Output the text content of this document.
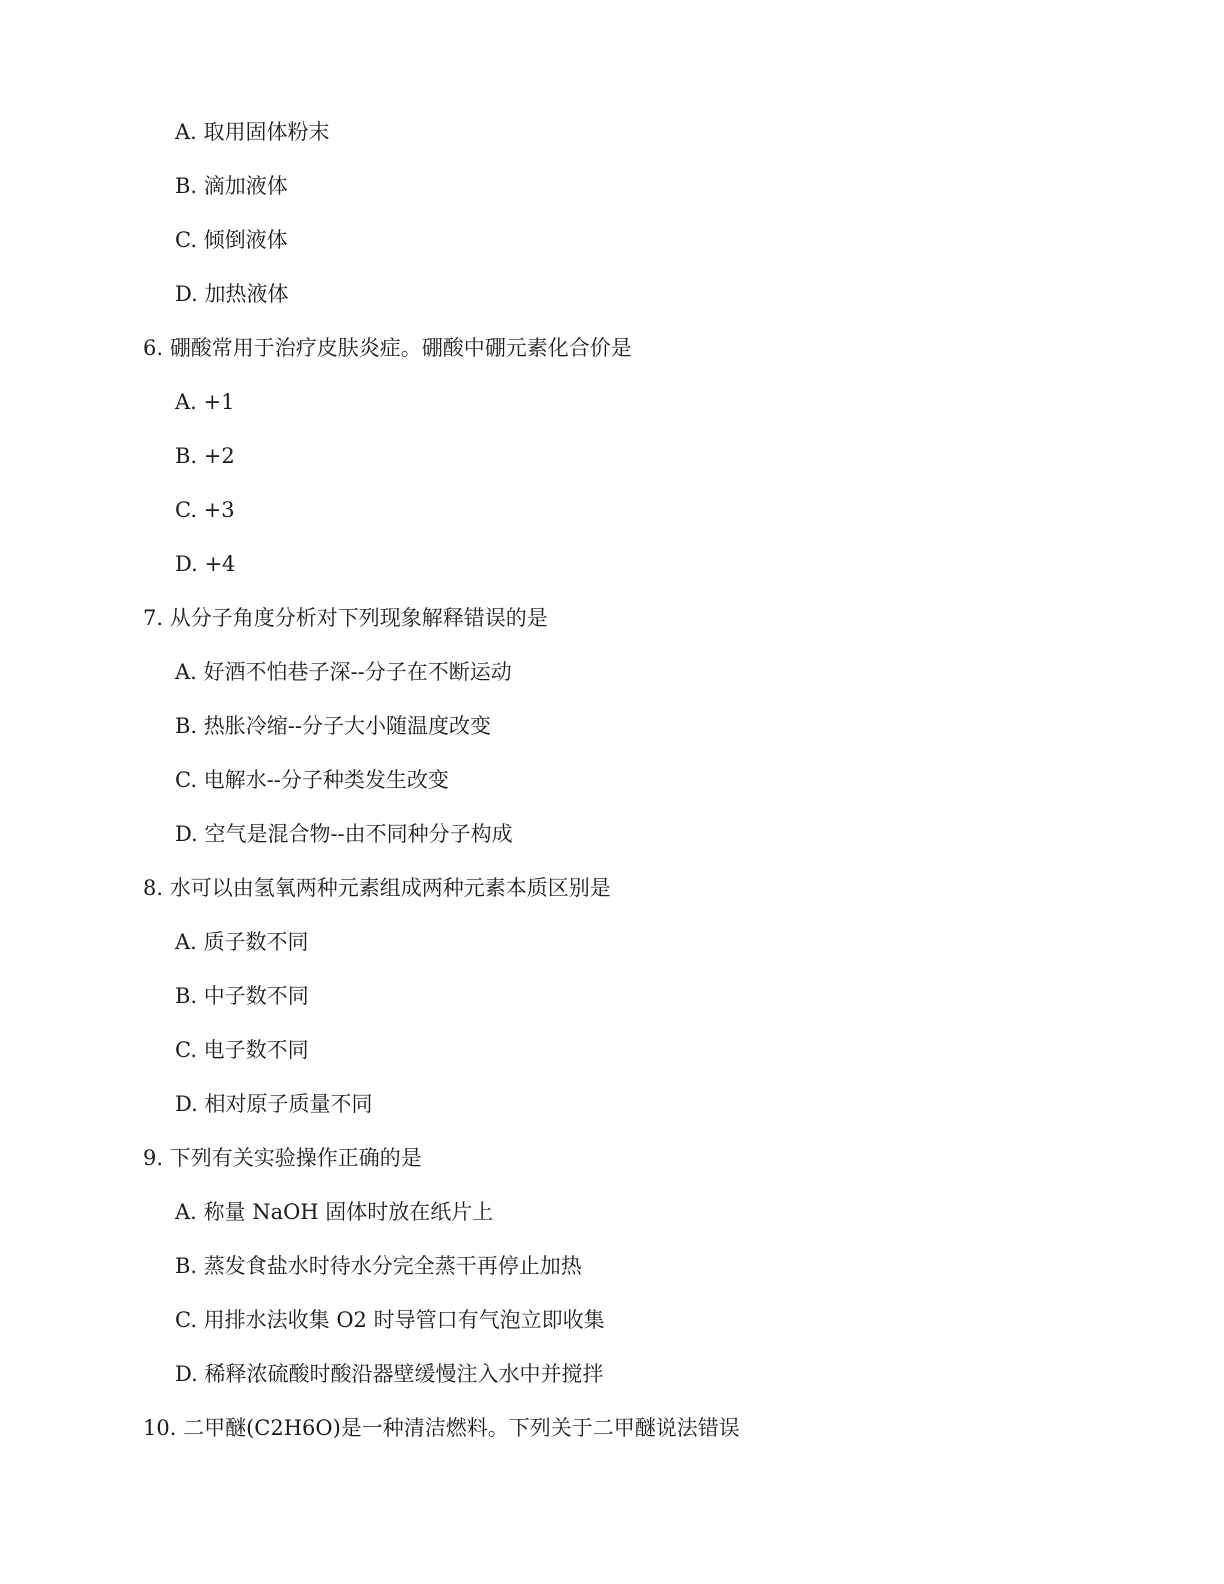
A. 取用固体粉末
B. 滴加液体
C. 倾倒液体
D. 加热液体
6. 硼酸常用于治疗皮肤炎症。硼酸中硼元素化合价是
A. +1
B. +2
C. +3
D. +4
7. 从分子角度分析对下列现象解释错误的是
A. 好酒不怕巷子深--分子在不断运动
B. 热胀冷缩--分子大小随温度改变
C. 电解水--分子种类发生改变
D. 空气是混合物--由不同种分子构成
8. 水可以由氢氧两种元素组成两种元素本质区别是
A. 质子数不同
B. 中子数不同
C. 电子数不同
D. 相对原子质量不同
9. 下列有关实验操作正确的是
A. 称量 NaOH 固体时放在纸片上
B. 蒸发食盐水时待水分完全蒸干再停止加热
C. 用排水法收集 O2 时导管口有气泡立即收集
D. 稀释浓硫酸时酸沿器壁缓慢注入水中并搅拌
10. 二甲醚(C2H6O)是一种清洁燃料。下列关于二甲醚说法错误
